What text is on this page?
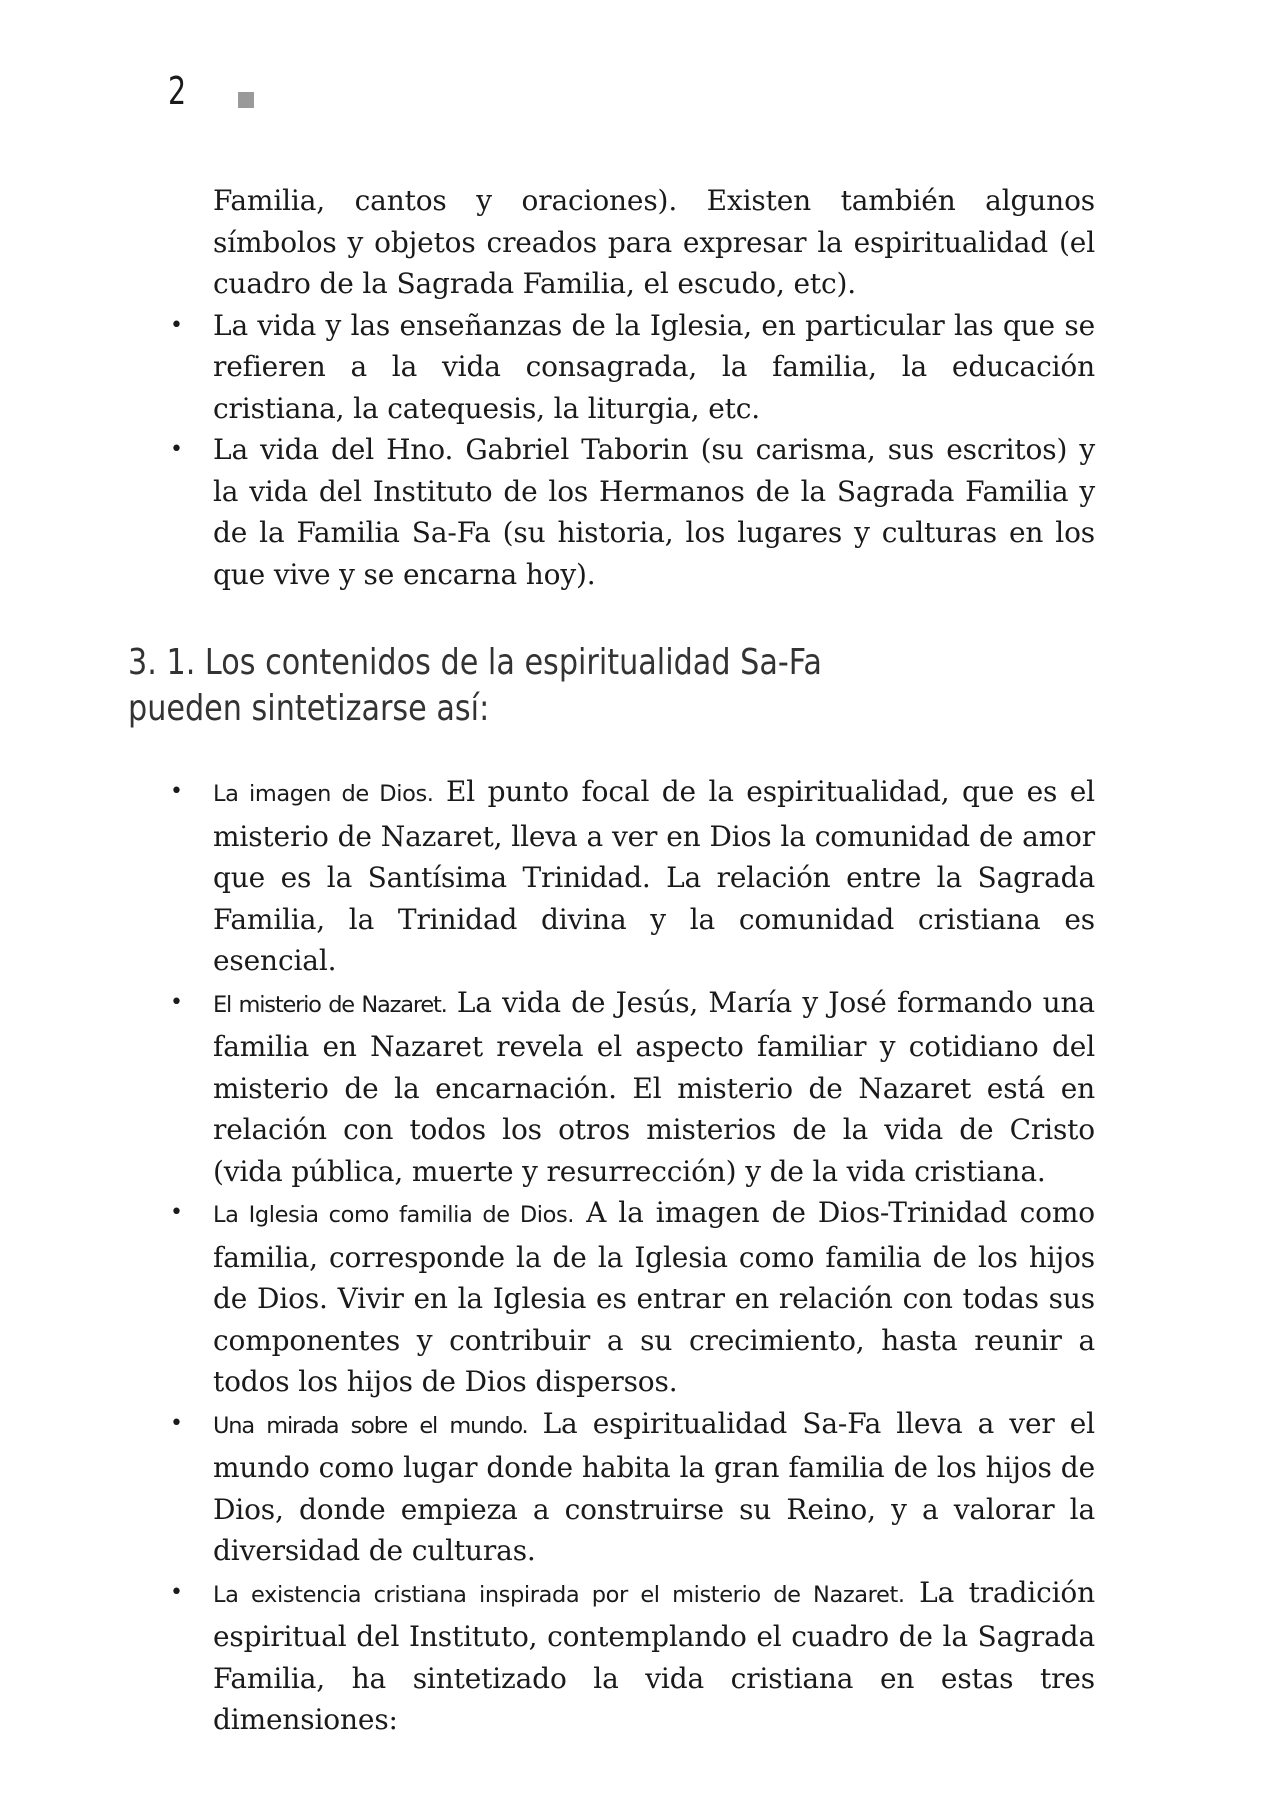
2

Familia, cantos y oraciones). Existen también algunos símbolos y objetos creados para expresar la espiritualidad (el cuadro de la Sagrada Familia, el escudo, etc).

• La vida y las enseñanzas de la Iglesia, en particular las que se refieren a la vida consagrada, la familia, la educación cristiana, la catequesis, la liturgia, etc.
• La vida del Hno. Gabriel Taborin (su carisma, sus escritos) y la vida del Instituto de los Hermanos de la Sagrada Familia y de la Familia Sa-Fa (su historia, los lugares y culturas en los que vive y se encarna hoy).
3. 1. Los contenidos de la espiritualidad Sa-Fa
pueden sintetizarse así:
• La imagen de Dios. El punto focal de la espiritualidad, que es el misterio de Nazaret, lleva a ver en Dios la comunidad de amor que es la Santísima Trinidad. La relación entre la Sagrada Familia, la Trinidad divina y la comunidad cristiana es esencial.
• El misterio de Nazaret. La vida de Jesús, María y José formando una familia en Nazaret revela el aspecto familiar y cotidiano del misterio de la encarnación. El misterio de Nazaret está en relación con todos los otros misterios de la vida de Cristo (vida pública, muerte y resurrección) y de la vida cristiana.
• La Iglesia como familia de Dios. A la imagen de Dios-Trinidad como familia, corresponde la de la Iglesia como familia de los hijos de Dios. Vivir en la Iglesia es entrar en relación con todas sus componentes y contribuir a su crecimiento, hasta reunir a todos los hijos de Dios dispersos.
• Una mirada sobre el mundo. La espiritualidad Sa-Fa lleva a ver el mundo como lugar donde habita la gran familia de los hijos de Dios, donde empieza a construirse su Reino, y a valorar la diversidad de culturas.
• La existencia cristiana inspirada por el misterio de Nazaret. La tradición espiritual del Instituto, contemplando el cuadro de la Sagrada Familia, ha sintetizado la vida cristiana en estas tres dimensiones:
